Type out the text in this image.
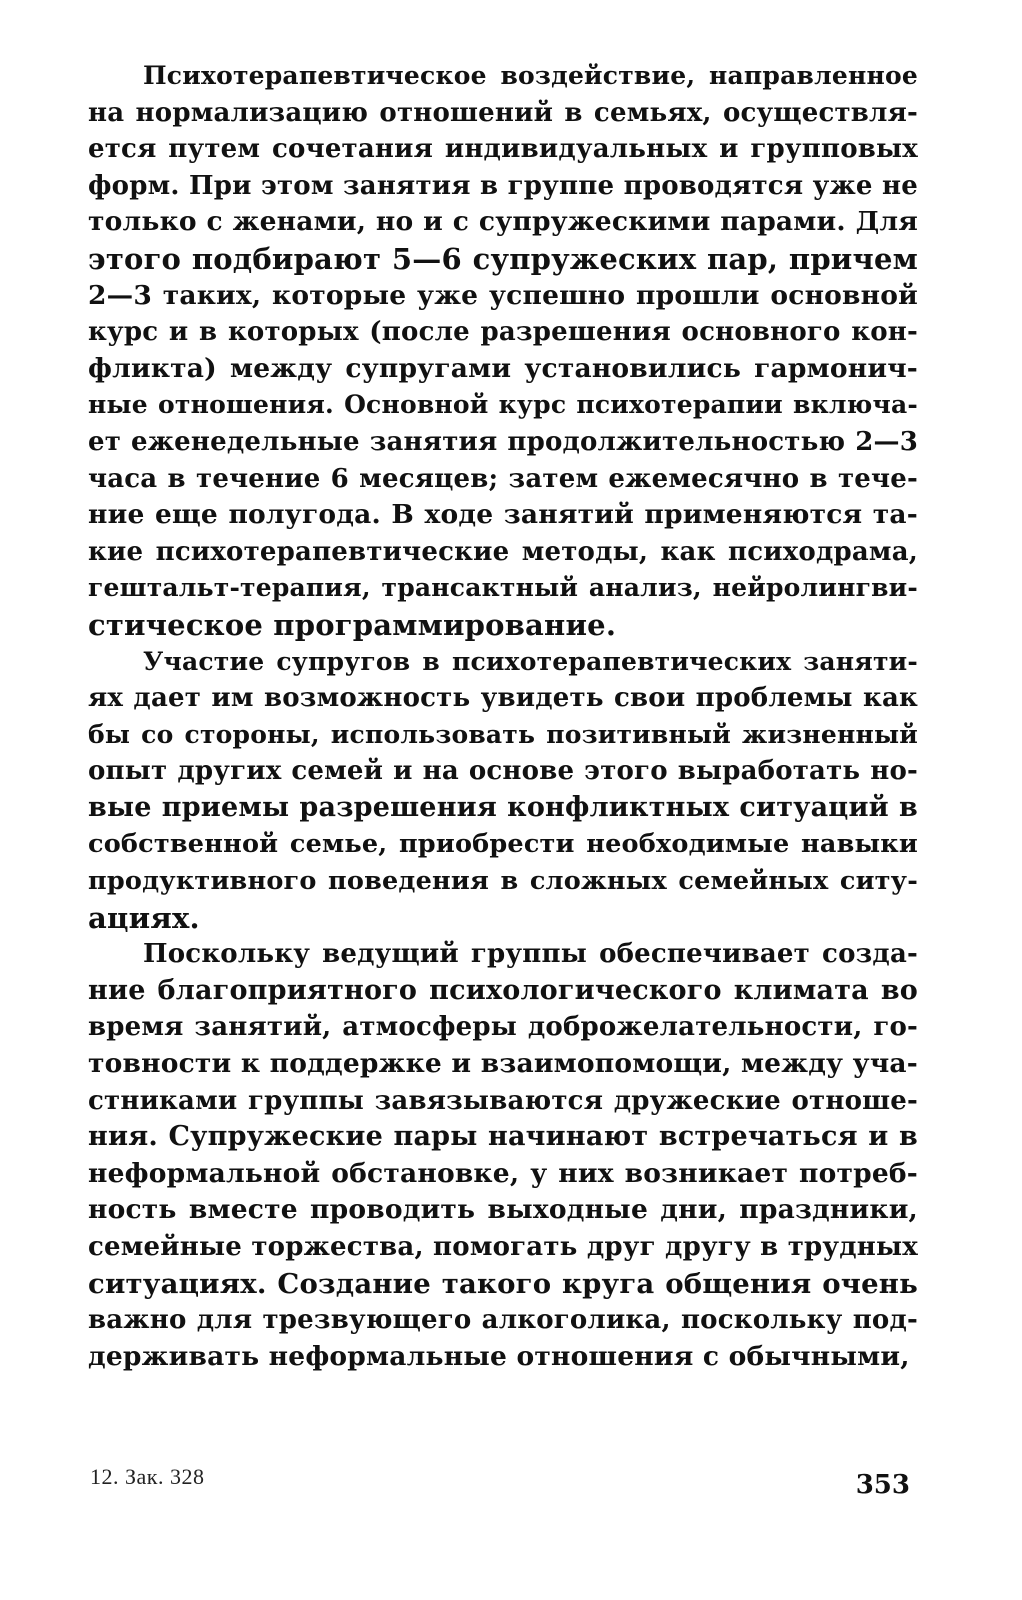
Психотерапевтическое воздействие, направленное
на нормализацию отношений в семьях, осуществля-
ется путем сочетания индивидуальных и групповых
форм. При этом занятия в группе проводятся уже не
только с женами, но и с супружескими парами. Для
этого подбирают 5—6 супружеских пар, причем
2—3 таких, которые уже успешно прошли основной
курс и в которых (после разрешения основного кон-
фликта) между супругами установились гармонич-
ные отношения. Основной курс психотерапии включа-
ет еженедельные занятия продолжительностью 2—3
часа в течение 6 месяцев; затем ежемесячно в тече-
ние еще полугода. В ходе занятий применяются та-
кие психотерапевтические методы, как психодрама,
гештальт-терапия, трансактный анализ, нейролингви-
стическое программирование.
Участие супругов в психотерапевтических заняти-
ях дает им возможность увидеть свои проблемы как
бы со стороны, использовать позитивный жизненный
опыт других семей и на основе этого выработать но-
вые приемы разрешения конфликтных ситуаций в
собственной семье, приобрести необходимые навыки
продуктивного поведения в сложных семейных ситу-
ациях.
Поскольку ведущий группы обеспечивает созда-
ние благоприятного психологического климата во
время занятий, атмосферы доброжелательности, го-
товности к поддержке и взаимопомощи, между уча-
стниками группы завязываются дружеские отноше-
ния. Супружеские пары начинают встречаться и в
неформальной обстановке, у них возникает потреб-
ность вместе проводить выходные дни, праздники,
семейные торжества, помогать друг другу в трудных
ситуациях. Создание такого круга общения очень
важно для трезвующего алкоголика, поскольку под-
держивать неформальные отношения с обычными,
12. Зак. 328	353
